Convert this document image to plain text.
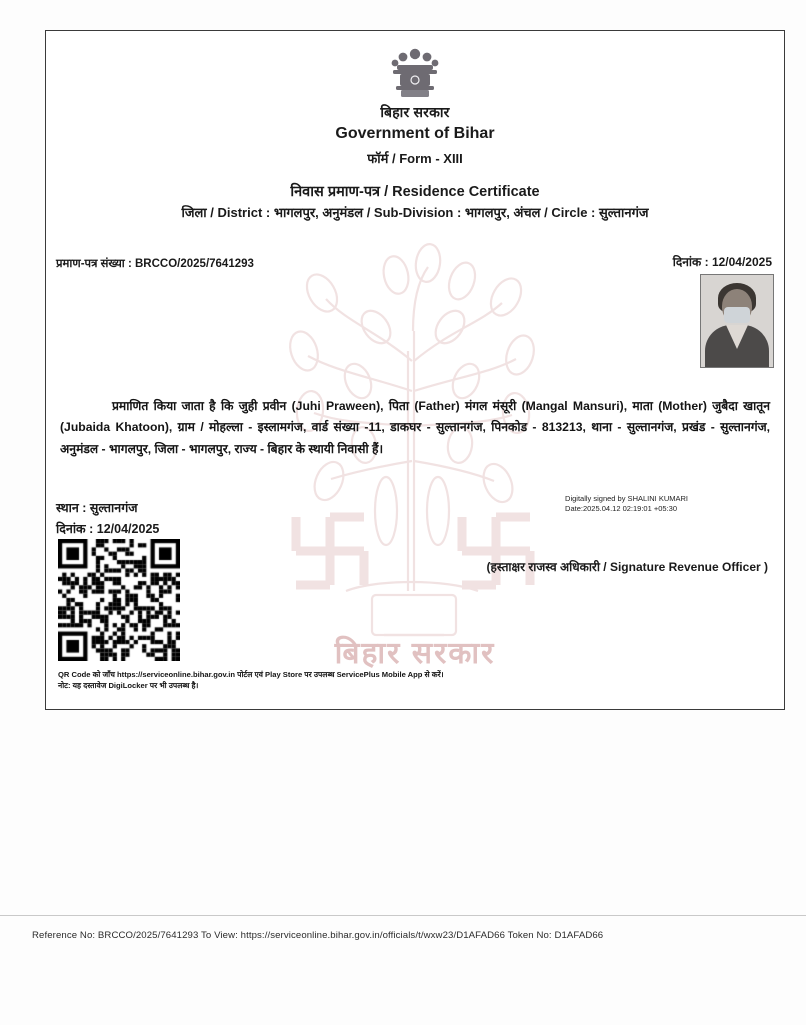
बिहार सरकार
बिहार सरकार
Government of Bihar
फॉर्म / Form - XIII
निवास प्रमाण-पत्र / Residence Certificate
जिला / District : भागलपुर, अनुमंडल / Sub-Division : भागलपुर, अंचल / Circle : सुल्तानगंज
प्रमाण-पत्र संख्या : BRCCO/2025/7641293	दिनांक : 12/04/2025
प्रमाणित किया जाता है कि जुही प्रवीन (Juhi Praween), पिता (Father) मंगल मंसूरी (Mangal Mansuri), माता (Mother) जुबैदा खातून (Jubaida Khatoon), ग्राम / मोहल्ला - इस्लामगंज, वार्ड संख्या -11, डाकघर - सुल्तानगंज, पिनकोड - 813213, थाना - सुल्तानगंज, प्रखंड - सुल्तानगंज, अनुमंडल - भागलपुर, जिला - भागलपुर, राज्य - बिहार के स्थायी निवासी हैं।
स्थान : सुल्तानगंज
दिनांक : 12/04/2025
Digitally signed by SHALINI KUMARI
Date:2025.04.12 02:19:01 +05:30
(हस्ताक्षर राजस्व अधिकारी / Signature Revenue Officer )
QR Code को जाँच https://serviceonline.bihar.gov.in पोर्टल एवं Play Store पर उपलब्ध ServicePlus Mobile App से करें।
नोट: यह दस्तावेज DigiLocker पर भी उपलब्ध है।
Reference No: BRCCO/2025/7641293 To View: https://serviceonline.bihar.gov.in/officials/t/wxw23/D1AFAD66 Token No: D1AFAD66
